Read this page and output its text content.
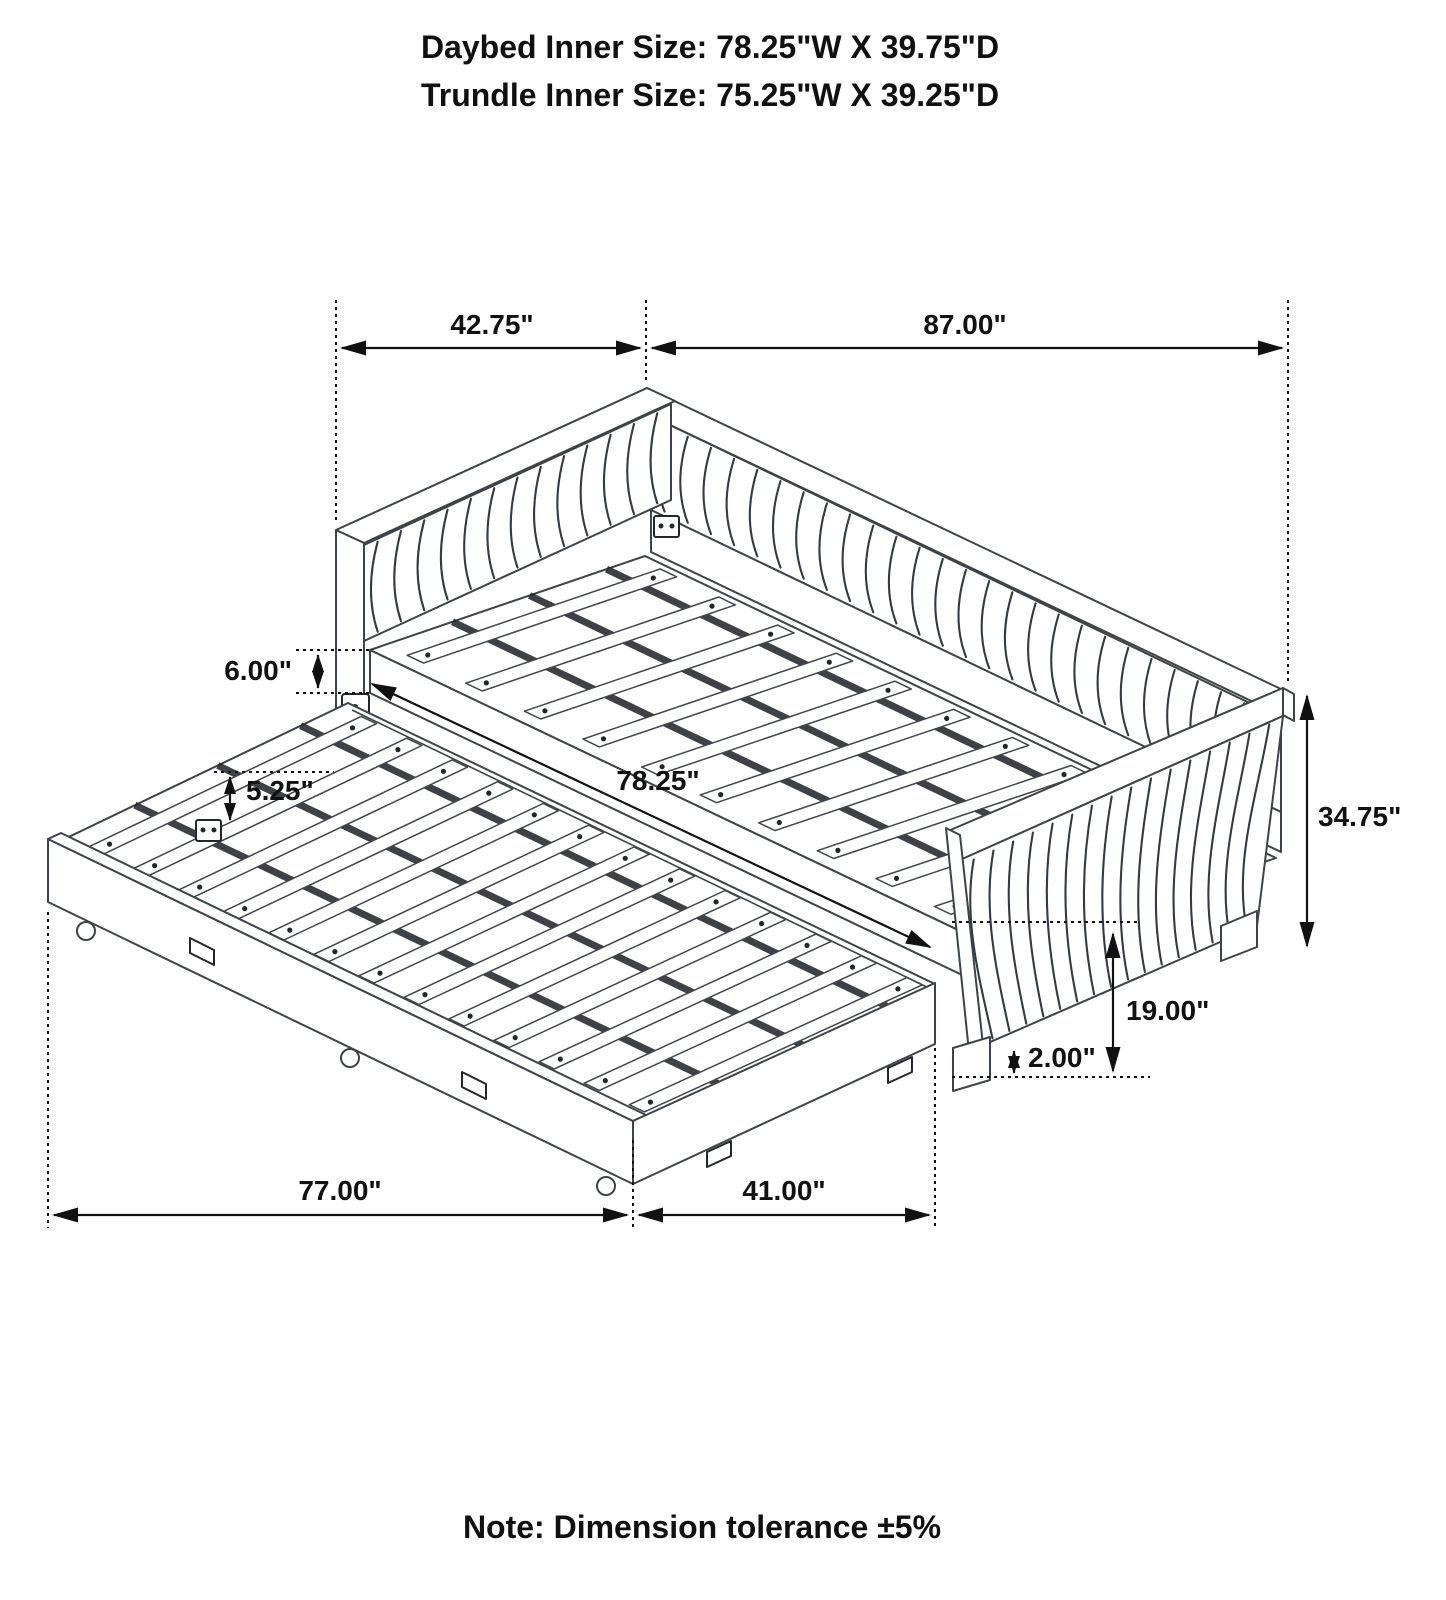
Daybed Inner Size: 78.25"W X 39.75"D
Trundle Inner Size: 75.25"W X 39.25"D
42.75"	87.00"
6.00"
5.25"	78.25"
34.75"
19.00"
2.00"
77.00"	41.00"
Note: Dimension tolerance ±5%
